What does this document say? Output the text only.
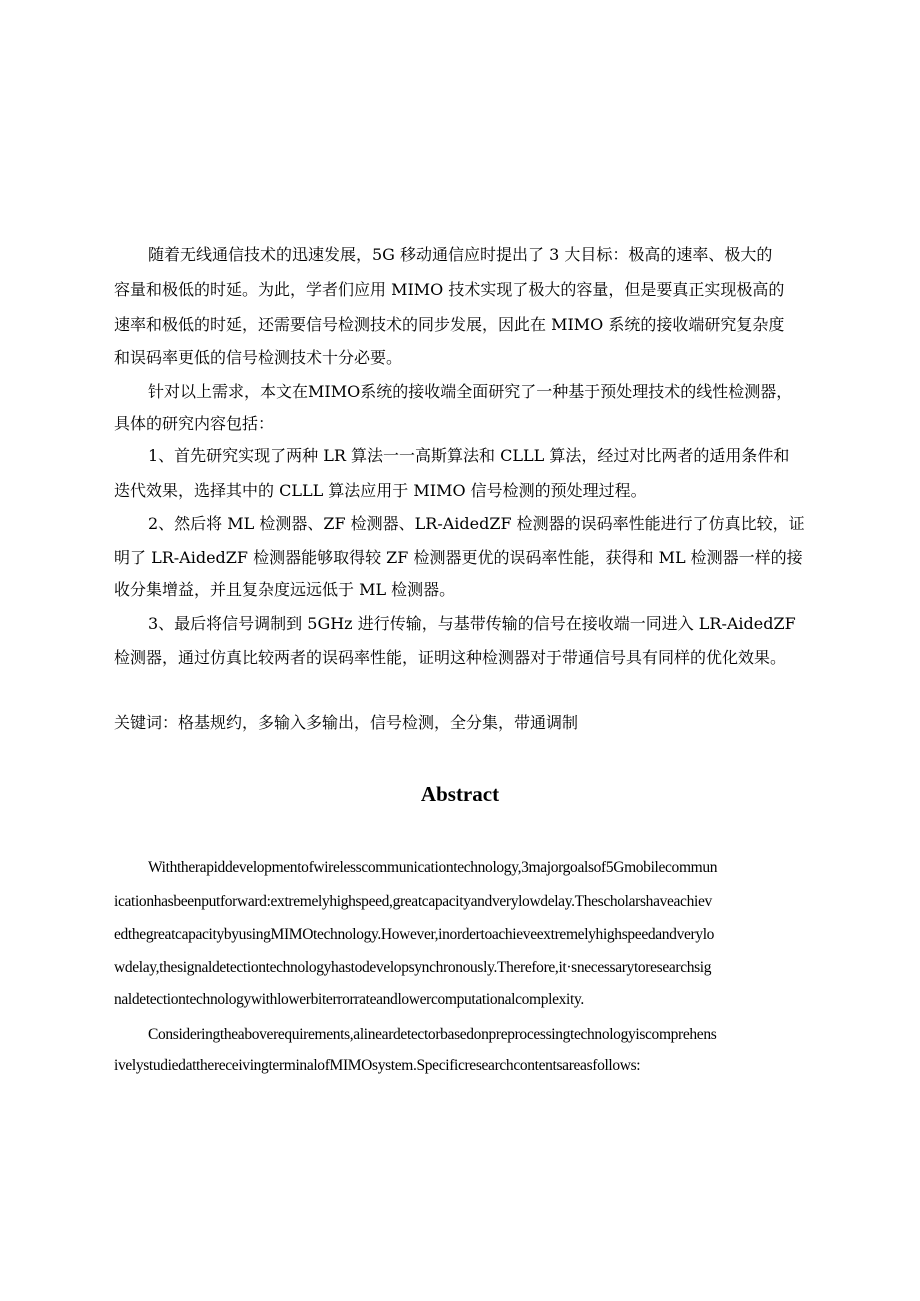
随着无线通信技术的迅速发展，5G 移动通信应时提出了 3 大目标：极高的速率、极大的
容量和极低的时延。为此，学者们应用 MIMO 技术实现了极大的容量，但是要真正实现极高的
速率和极低的时延，还需要信号检测技术的同步发展，因此在 MIMO 系统的接收端研究复杂度
和误码率更低的信号检测技术十分必要。
针对以上需求，本文在MIMO系统的接收端全面研究了一种基于预处理技术的线性检测器，
具体的研究内容包括：
1、首先研究实现了两种 LR 算法一一高斯算法和 CLLL 算法，经过对比两者的适用条件和
迭代效果，选择其中的 CLLL 算法应用于 MIMO 信号检测的预处理过程。
2、然后将 ML 检测器、ZF 检测器、LR-AidedZF 检测器的误码率性能进行了仿真比较，证
明了 LR-AidedZF 检测器能够取得较 ZF 检测器更优的误码率性能，获得和 ML 检测器一样的接
收分集增益，并且复杂度远远低于 ML 检测器。
3、最后将信号调制到 5GHz 进行传输，与基带传输的信号在接收端一同进入 LR-AidedZF
检测器，通过仿真比较两者的误码率性能，证明这种检测器对于带通信号具有同样的优化效果。
关键词：格基规约，多输入多输出，信号检测，全分集，带通调制
Abstract
Withtherapiddevelopmentofwirelesscommunicationtechnology,3majorgoalsof5Gmobilecommun
icationhasbeenputforward:extremelyhighspeed,greatcapacityandverylowdelay.Thescholarshaveachiev
edthegreatcapacitybyusingMIMOtechnology.However,inordertoachieveextremelyhighspeedandverylo
wdelay,thesignaldetectiontechnologyhastodevelopsynchronously.Therefore,it·snecessarytoresearchsig
naldetectiontechnologywithlowerbiterrorrateandlowercomputationalcomplexity.
Consideringtheaboverequirements,alineardetectorbasedonpreprocessingtechnologyiscomprehens
ivelystudiedatthereceivingterminalofMIMOsystem.Specificresearchcontentsareasfollows:
